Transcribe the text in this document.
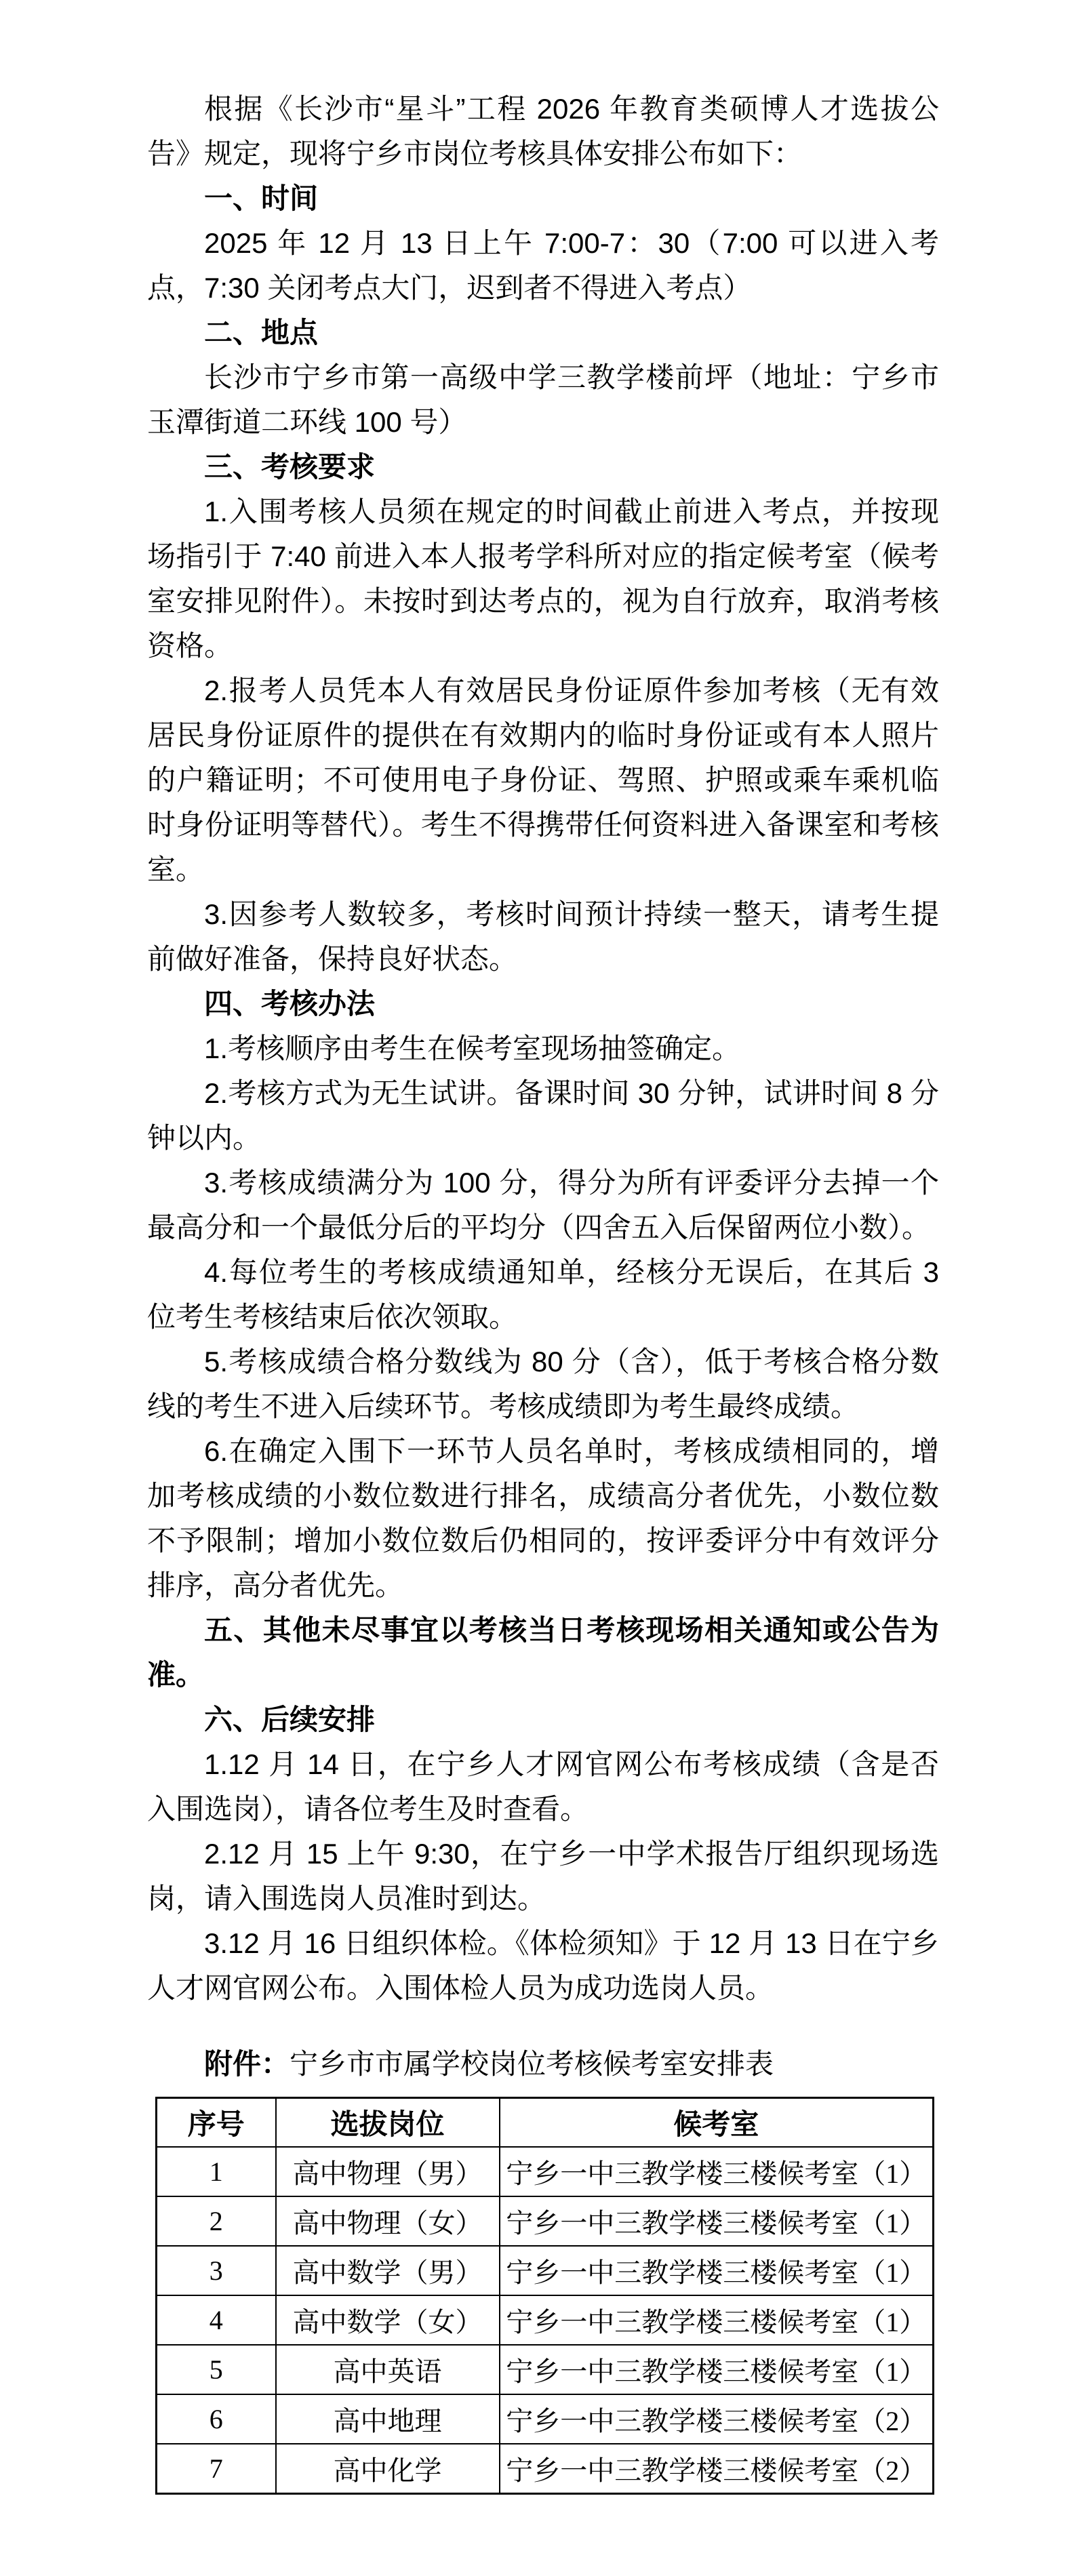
根据《长沙市“星斗”工程 2026 年教育类硕博人才选拔公告》规定，现将宁乡市岗位考核具体安排公布如下：

一、时间

2025 年 12 月 13 日上午 7:00-7：30（7:00 可以进入考点，7:30 关闭考点大门，迟到者不得进入考点）

二、地点

长沙市宁乡市第一高级中学三教学楼前坪（地址：宁乡市玉潭街道二环线 100 号）

三、考核要求

1.入围考核人员须在规定的时间截止前进入考点，并按现场指引于 7:40 前进入本人报考学科所对应的指定候考室（候考室安排见附件）。未按时到达考点的，视为自行放弃，取消考核资格。

2.报考人员凭本人有效居民身份证原件参加考核（无有效居民身份证原件的提供在有效期内的临时身份证或有本人照片的户籍证明；不可使用电子身份证、驾照、护照或乘车乘机临时身份证明等替代）。考生不得携带任何资料进入备课室和考核室。

3.因参考人数较多，考核时间预计持续一整天，请考生提前做好准备，保持良好状态。

四、考核办法

1.考核顺序由考生在候考室现场抽签确定。

2.考核方式为无生试讲。备课时间 30 分钟，试讲时间 8 分钟以内。

3.考核成绩满分为 100 分，得分为所有评委评分去掉一个最高分和一个最低分后的平均分（四舍五入后保留两位小数）。

4.每位考生的考核成绩通知单，经核分无误后，在其后 3 位考生考核结束后依次领取。

5.考核成绩合格分数线为 80 分（含），低于考核合格分数线的考生不进入后续环节。考核成绩即为考生最终成绩。

6.在确定入围下一环节人员名单时，考核成绩相同的，增加考核成绩的小数位数进行排名，成绩高分者优先，小数位数不予限制；增加小数位数后仍相同的，按评委评分中有效评分排序，高分者优先。

五、其他未尽事宜以考核当日考核现场相关通知或公告为准。
六、后续安排

1.12 月 14 日，在宁乡人才网官网公布考核成绩（含是否入围选岗），请各位考生及时查看。

2.12 月 15 上午 9:30，在宁乡一中学术报告厅组织现场选岗，请入围选岗人员准时到达。

3.12 月 16 日组织体检。《体检须知》于 12 月 13 日在宁乡人才网官网公布。入围体检人员为成功选岗人员。

附件：宁乡市市属学校岗位考核候考室安排表

序号	选拔岗位	候考室
1	高中物理（男）	宁乡一中三教学楼三楼候考室（1）
2	高中物理（女）	宁乡一中三教学楼三楼候考室（1）
3	高中数学（男）	宁乡一中三教学楼三楼候考室（1）
4	高中数学（女）	宁乡一中三教学楼三楼候考室（1）
5	高中英语	宁乡一中三教学楼三楼候考室（1）
6	高中地理	宁乡一中三教学楼三楼候考室（2）
7	高中化学	宁乡一中三教学楼三楼候考室（2）
